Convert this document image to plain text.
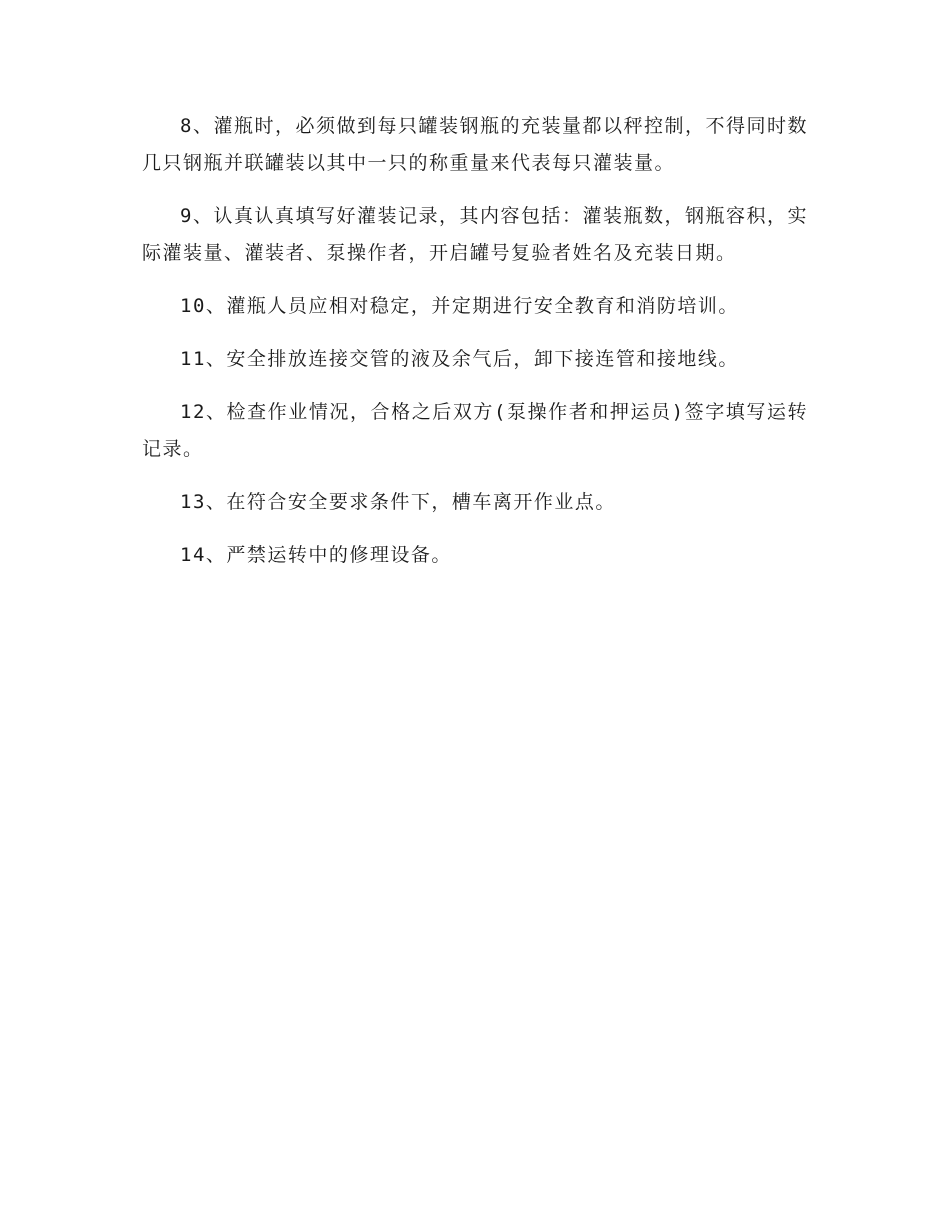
8、灌瓶时，必须做到每只罐装钢瓶的充装量都以秤控制，不得同时数几只钢瓶并联罐装以其中一只的称重量来代表每只灌装量。

9、认真认真填写好灌装记录，其内容包括：灌装瓶数，钢瓶容积，实际灌装量、灌装者、泵操作者，开启罐号复验者姓名及充装日期。

10、灌瓶人员应相对稳定，并定期进行安全教育和消防培训。

11、安全排放连接交管的液及余气后，卸下接连管和接地线。

12、检查作业情况，合格之后双方(泵操作者和押运员)签字填写运转记录。

13、在符合安全要求条件下，槽车离开作业点。

14、严禁运转中的修理设备。
